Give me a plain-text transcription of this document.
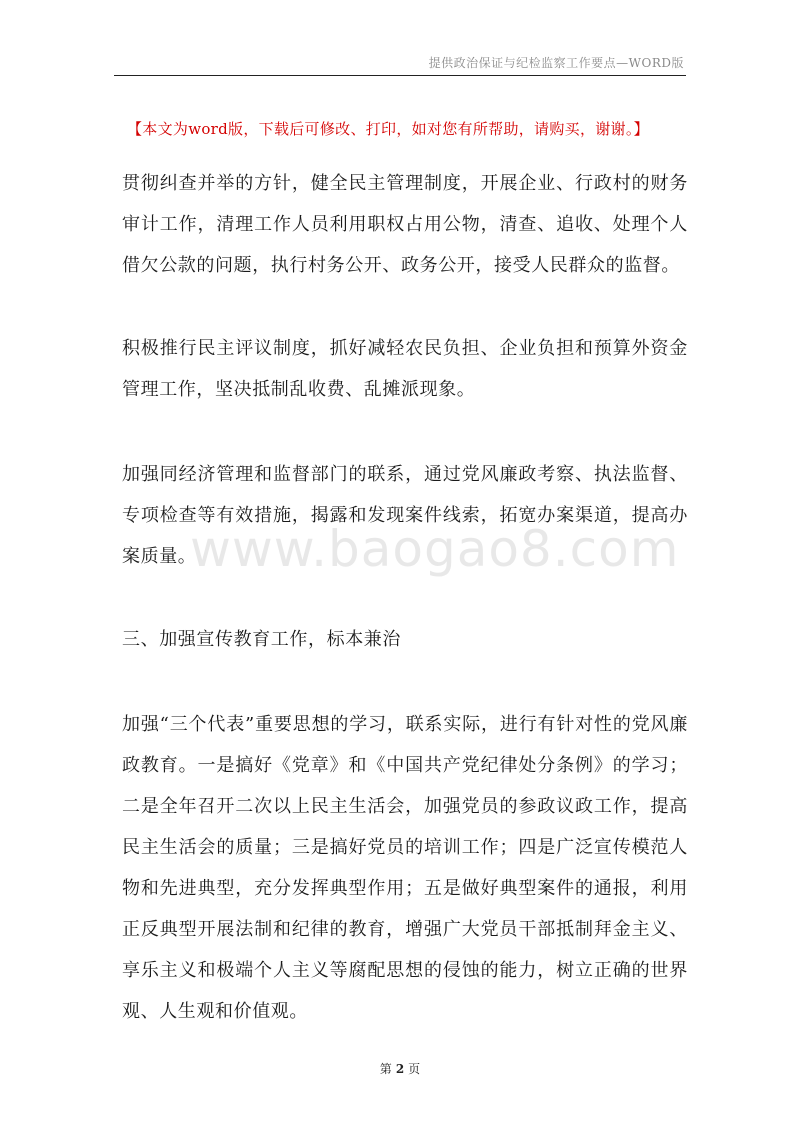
提供政治保证与纪检监察工作要点—WORD版
【本文为word版，下载后可修改、打印，如对您有所帮助，请购买，谢谢。】
贯彻纠查并举的方针，健全民主管理制度，开展企业、行政村的财务审计工作，清理工作人员利用职权占用公物，清查、追收、处理个人借欠公款的问题，执行村务公开、政务公开，接受人民群众的监督。
积极推行民主评议制度，抓好减轻农民负担、企业负担和预算外资金管理工作，坚决抵制乱收费、乱摊派现象。
加强同经济管理和监督部门的联系，通过党风廉政考察、执法监督、专项检查等有效措施，揭露和发现案件线索，拓宽办案渠道，提高办案质量。
三、加强宣传教育工作，标本兼治
加强“三个代表”重要思想的学习，联系实际，进行有针对性的党风廉政教育。一是搞好《党章》和《中国共产党纪律处分条例》的学习；二是全年召开二次以上民主生活会，加强党员的参政议政工作，提高民主生活会的质量；三是搞好党员的培训工作；四是广泛宣传模范人物和先进典型，充分发挥典型作用；五是做好典型案件的通报，利用正反典型开展法制和纪律的教育，增强广大党员干部抵制拜金主义、享乐主义和极端个人主义等腐配思想的侵蚀的能力，树立正确的世界观、人生观和价值观。
www.baogao8.com
第 2 页
